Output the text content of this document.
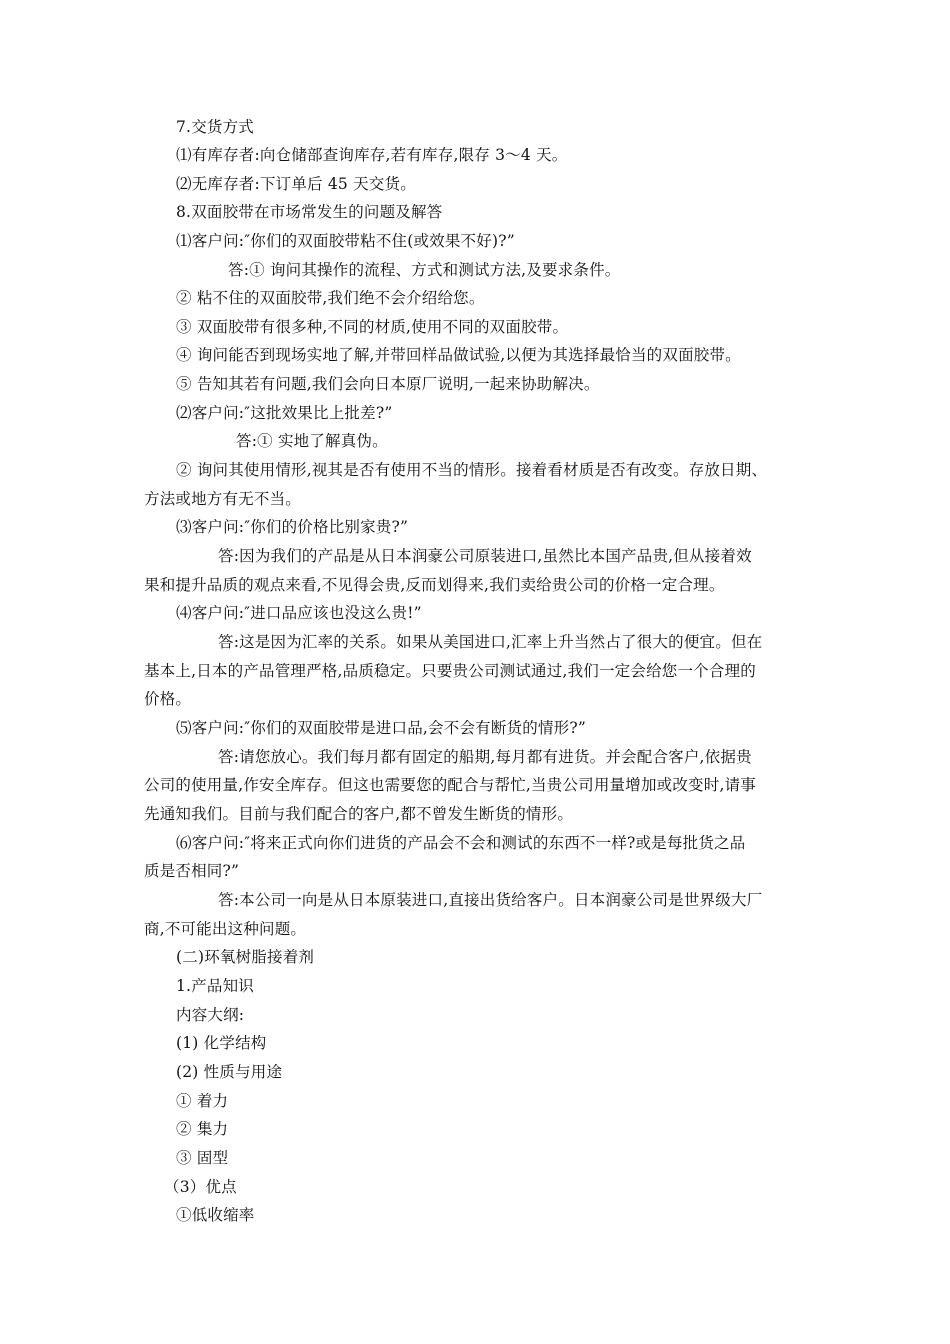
7.交货方式
⑴有库存者:向仓储部查询库存,若有库存,限存 3～4 天。
⑵无库存者:下订单后 45 天交货。
8.双面胶带在市场常发生的问题及解答
⑴客户问:″你们的双面胶带粘不住(或效果不好)?”
答:① 询问其操作的流程、方式和测试方法,及要求条件。
② 粘不住的双面胶带,我们绝不会介绍给您。
③ 双面胶带有很多种,不同的材质,使用不同的双面胶带。
④ 询问能否到现场实地了解,并带回样品做试验,以便为其选择最恰当的双面胶带。
⑤ 告知其若有问题,我们会向日本原厂说明,一起来协助解决。
⑵客户问:″这批效果比上批差?”
答:① 实地了解真伪。
② 询问其使用情形,视其是否有使用不当的情形。接着看材质是否有改变。存放日期、
方法或地方有无不当。
⑶客户问:″你们的价格比别家贵?”
答:因为我们的产品是从日本润豪公司原装进口,虽然比本国产品贵,但从接着效
果和提升品质的观点来看,不见得会贵,反而划得来,我们卖给贵公司的价格一定合理。
⑷客户问:″进口品应该也没这么贵!”
答:这是因为汇率的关系。如果从美国进口,汇率上升当然占了很大的便宜。但在
基本上,日本的产品管理严格,品质稳定。只要贵公司测试通过,我们一定会给您一个合理的
价格。
⑸客户问:″你们的双面胶带是进口品,会不会有断货的情形?”
答:请您放心。我们每月都有固定的船期,每月都有进货。并会配合客户,依据贵
公司的使用量,作安全库存。但这也需要您的配合与帮忙,当贵公司用量增加或改变时,请事
先通知我们。目前与我们配合的客户,都不曾发生断货的情形。
⑹客户问:″将来正式向你们进货的产品会不会和测试的东西不一样?或是每批货之品
质是否相同?”
答:本公司一向是从日本原装进口,直接出货给客户。日本润豪公司是世界级大厂
商,不可能出这种问题。
(二)环氧树脂接着剂
1.产品知识
内容大纲:
(1) 化学结构
(2) 性质与用途
① 着力
② 集力
③ 固型
（3）优点
①低收缩率
